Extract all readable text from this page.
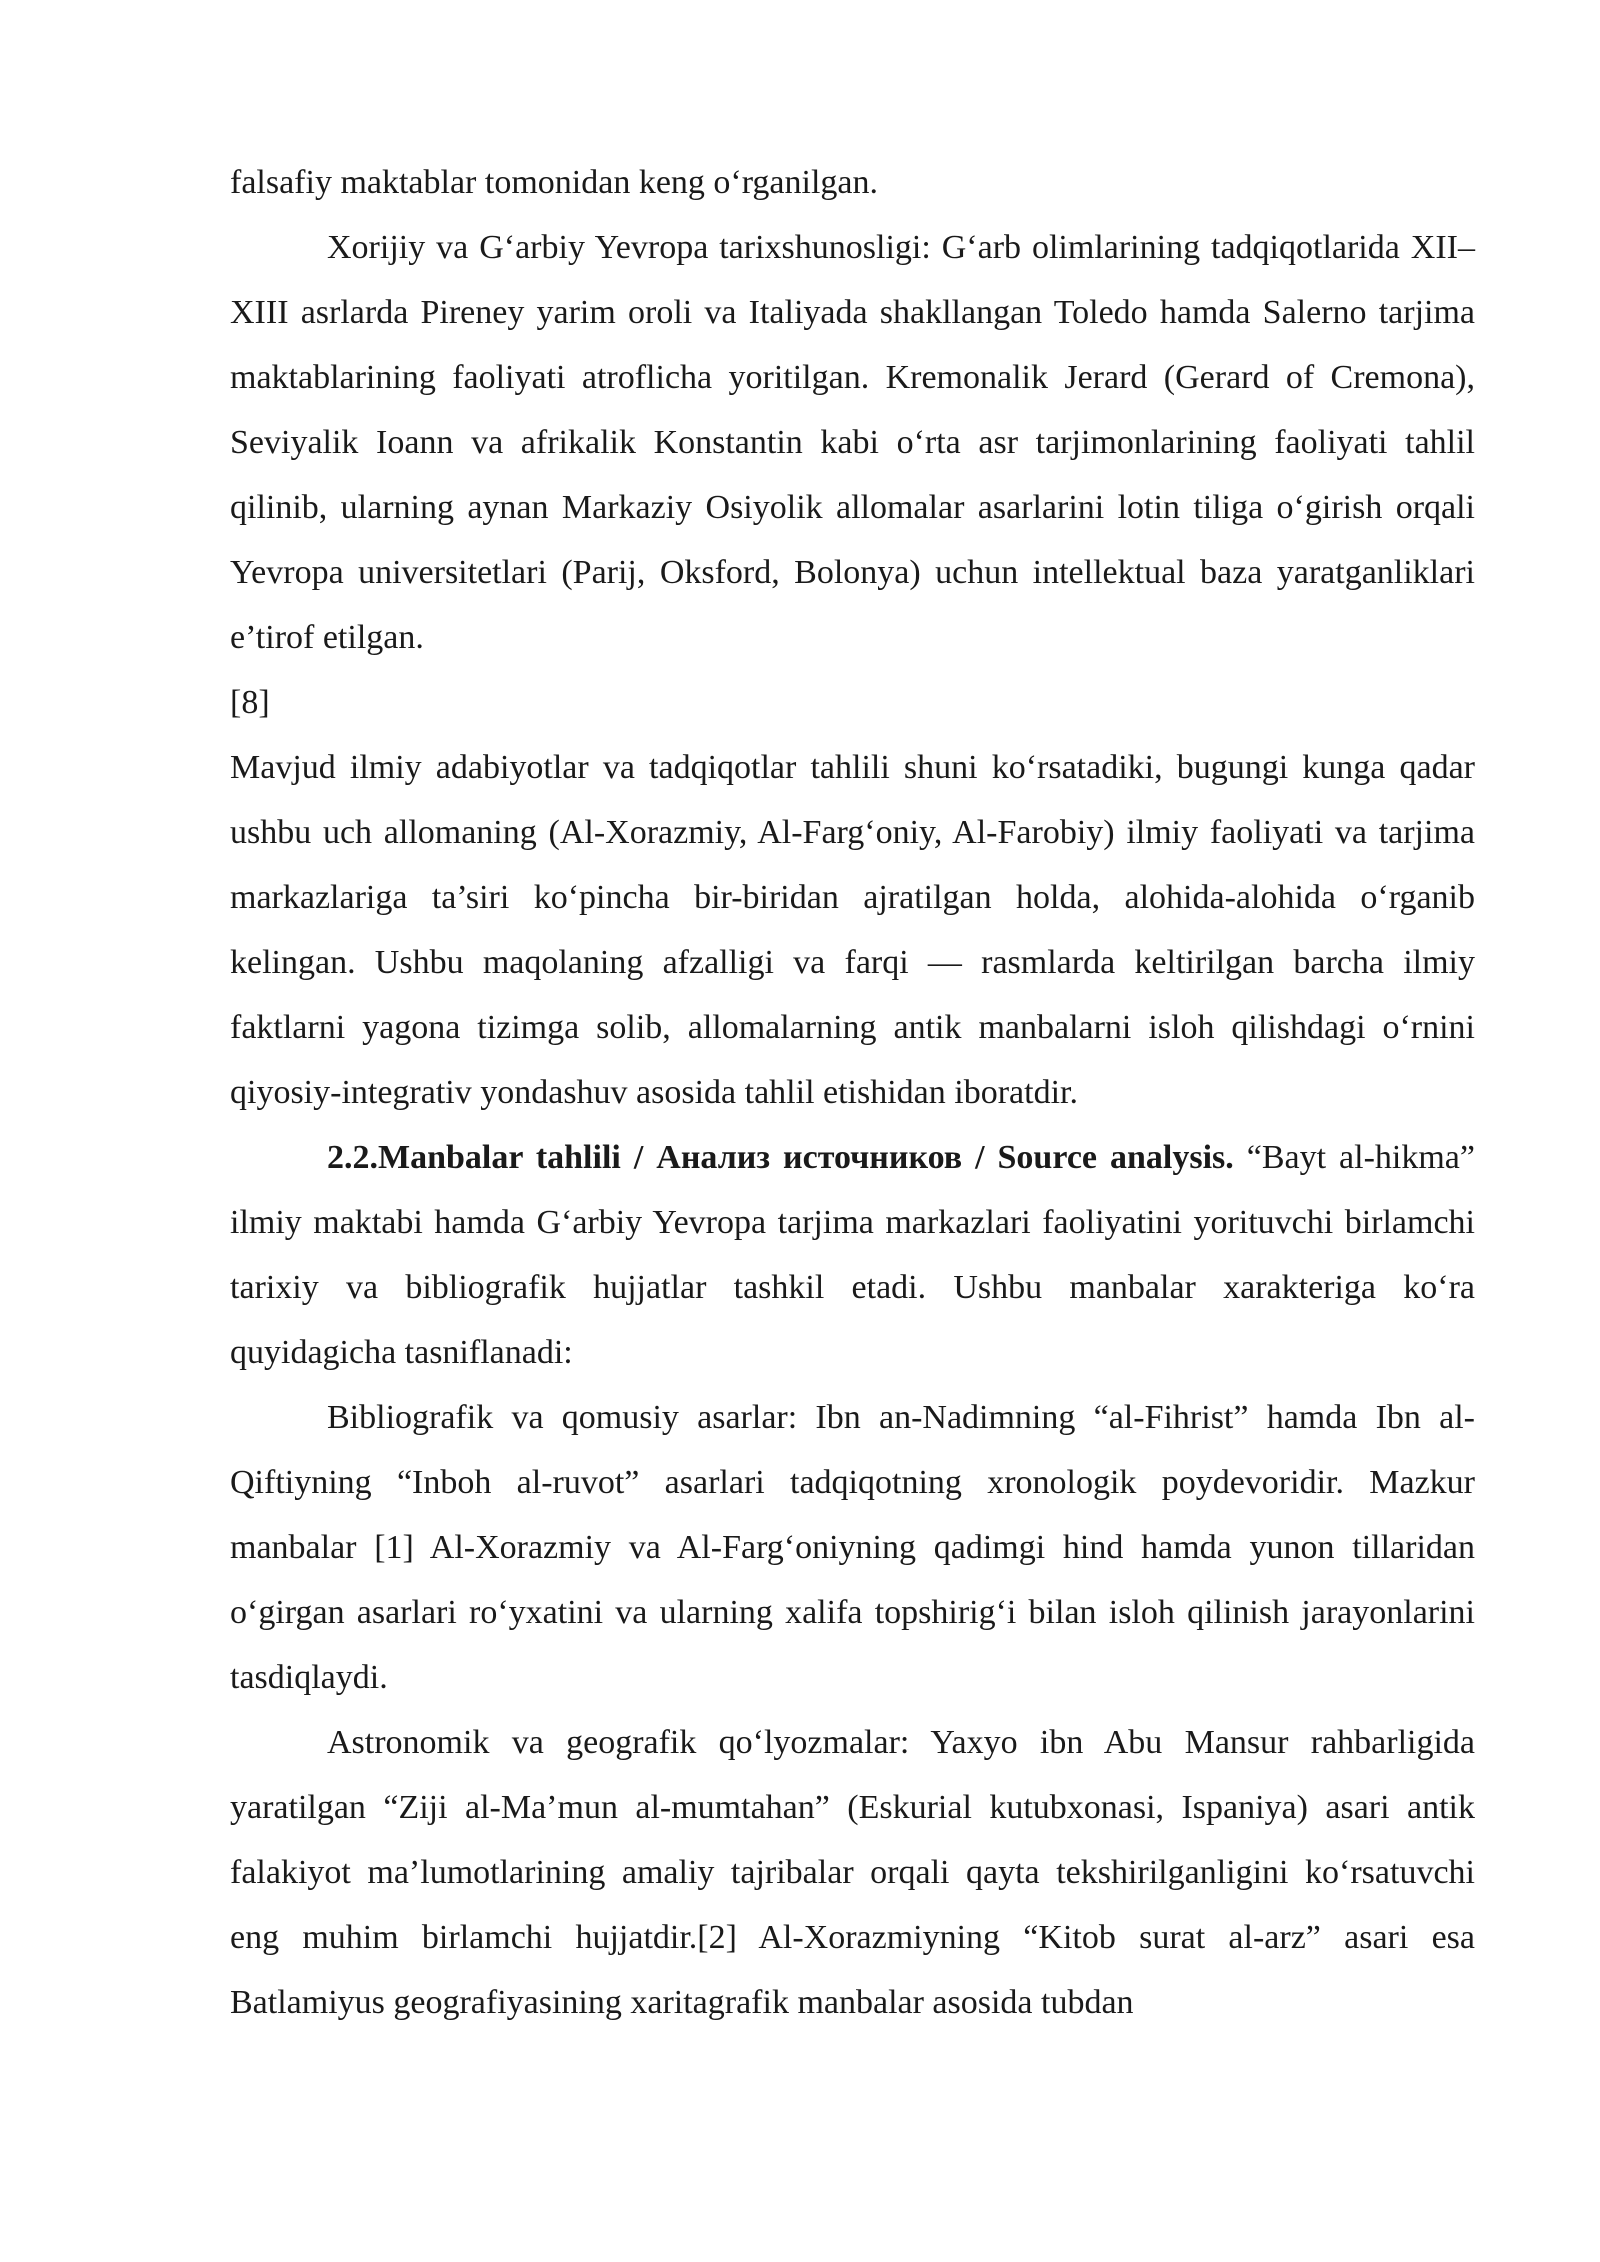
falsafiy maktablar tomonidan keng o‘rganilgan.

Xorijiy va G‘arbiy Yevropa tarixshunosligi: G‘arb olimlarining tadqiqotlarida XII–XIII asrlarda Pireney yarim oroli va Italiyada shakllangan Toledo hamda Salerno tarjima maktablarining faoliyati atroflicha yoritilgan. Kremonalik Jerard (Gerard of Cremona), Seviyalik Ioann va afrikalik Konstantin kabi o‘rta asr tarjimonlarining faoliyati tahlil qilinib, ularning aynan Markaziy Osiyolik allomalar asarlarini lotin tiliga o‘girish orqali Yevropa universitetlari (Parij, Oksford, Bolonya) uchun intellektual baza yaratganliklari e’tirof etilgan.
[8]

Mavjud ilmiy adabiyotlar va tadqiqotlar tahlili shuni ko‘rsatadiki, bugungi kunga qadar ushbu uch allomaning (Al-Xorazmiy, Al-Farg‘oniy, Al-Farobiy) ilmiy faoliyati va tarjima markazlariga ta’siri ko‘pincha bir-biridan ajratilgan holda, alohida-alohida o‘rganib kelingan. Ushbu maqolaning afzalligi va farqi — rasmlarda keltirilgan barcha ilmiy faktlarni yagona tizimga solib, allomalarning antik manbalarni isloh qilishdagi o‘rnini qiyosiy-integrativ yondashuv asosida tahlil etishidan iboratdir.

2.2.Manbalar tahlili / Анализ источников / Source analysis. “Bayt al-hikma” ilmiy maktabi hamda G‘arbiy Yevropa tarjima markazlari faoliyatini yorituvchi birlamchi tarixiy va bibliografik hujjatlar tashkil etadi. Ushbu manbalar xarakteriga ko‘ra quyidagicha tasniflanadi:

Bibliografik va qomusiy asarlar: Ibn an-Nadimning “al-Fihrist” hamda Ibn al-Qiftiyning “Inboh al-ruvot” asarlari tadqiqotning xronologik poydevoridir. Mazkur manbalar [1] Al-Xorazmiy va Al-Farg‘oniyning qadimgi hind hamda yunon tillaridan o‘girgan asarlari ro‘yxatini va ularning xalifa topshirig‘i bilan isloh qilinish jarayonlarini tasdiqlaydi.

Astronomik va geografik qo‘lyozmalar: Yaxyo ibn Abu Mansur rahbarligida yaratilgan “Ziji al-Ma’mun al-mumtahan” (Eskurial kutubxonasi, Ispaniya) asari antik falakiyot ma’lumotlarining amaliy tajribalar orqali qayta tekshirilganligini ko‘rsatuvchi eng muhim birlamchi hujjatdir.[2] Al-Xorazmiyning “Kitob surat al-arz” asari esa Batlamiyus geografiyasining xaritagrafik manbalar asosida tubdan
